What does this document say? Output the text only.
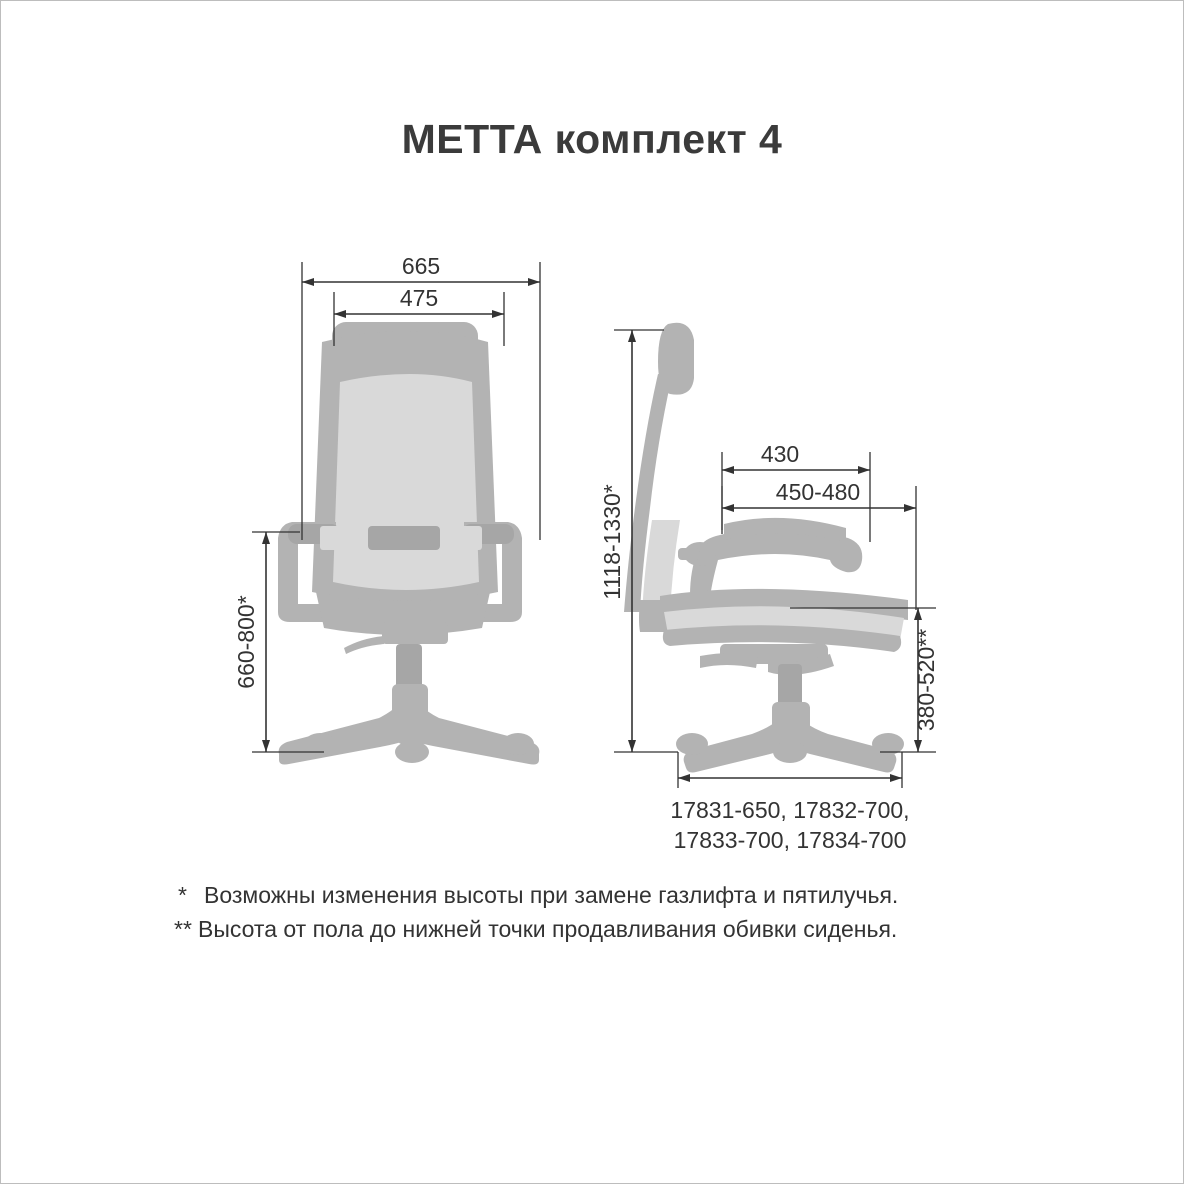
МЕТТА комплект 4
665
475
660-800*
430
450-480
1118-1330*
380-520**
17831-650, 17832-700,
17833-700, 17834-700
* Возможны изменения высоты при замене газлифта и пятилучья.
** Высота от пола до нижней точки продавливания обивки сиденья.
